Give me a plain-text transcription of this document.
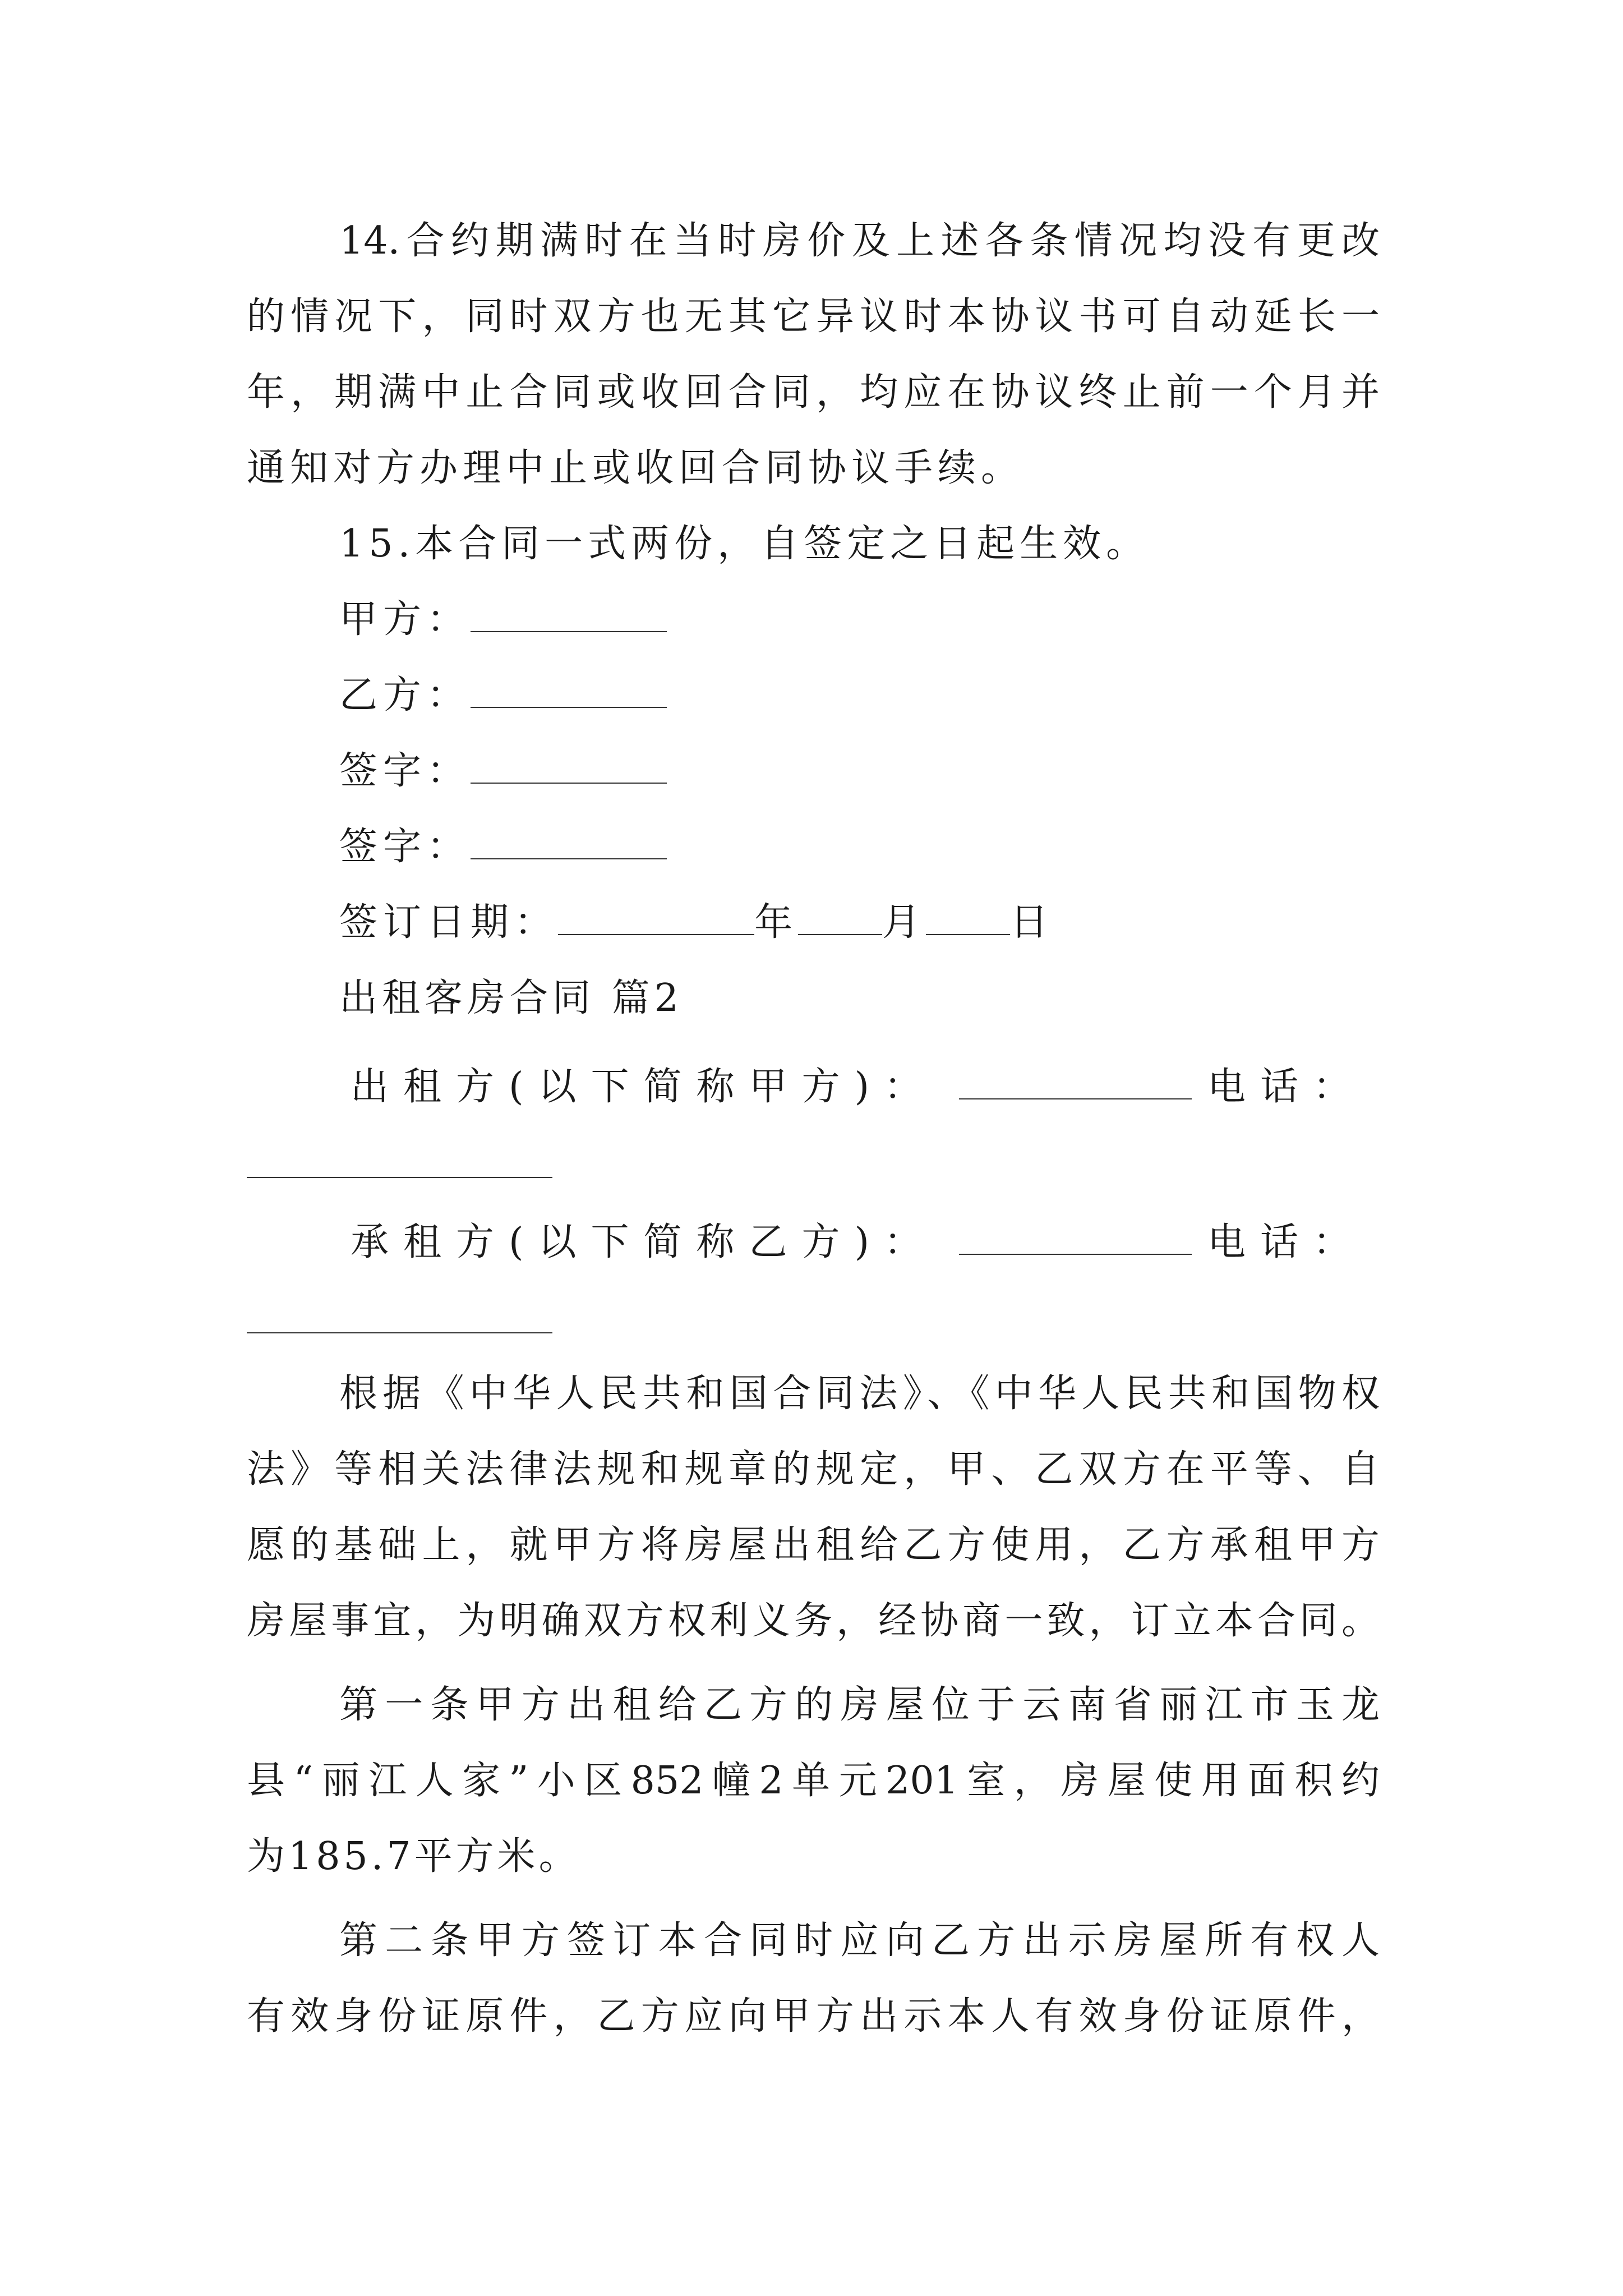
14.合约期满时在当时房价及上述各条情况均没有更改
的情况下，同时双方也无其它异议时本协议书可自动延长一
年，期满中止合同或收回合同，均应在协议终止前一个月并
通知对方办理中止或收回合同协议手续。
15.本合同一式两份，自签定之日起生效。
甲方：
乙方：
签字：
签字：
签订日期：	年 月 日
出租客房合同 篇2
出租方(以下简称甲方)：	电话：
承租方(以下简称乙方)：	电话：
根据《中华人民共和国合同法》、《中华人民共和国物权
法》等相关法律法规和规章的规定，甲、乙双方在平等、自
愿的基础上，就甲方将房屋出租给乙方使用，乙方承租甲方
房屋事宜，为明确双方权利义务，经协商一致，订立本合同。
第一条甲方出租给乙方的房屋位于云南省丽江市玉龙
县“丽江人家”小区852幢2单元201室，房屋使用面积约
为185.7平方米。
第二条甲方签订本合同时应向乙方出示房屋所有权人
有效身份证原件，乙方应向甲方出示本人有效身份证原件，
